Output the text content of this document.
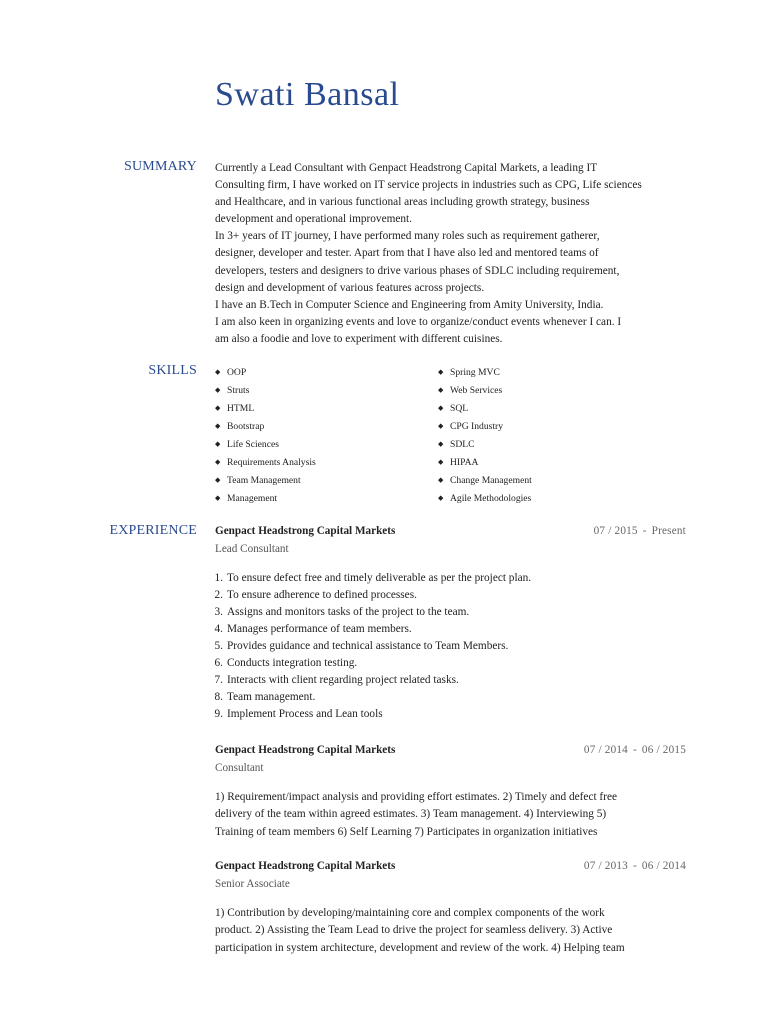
Swati Bansal
SUMMARY Currently a Lead Consultant with Genpact Headstrong Capital Markets, a leading IT

Consulting firm, I have worked on IT service projects in industries such as CPG, Life sciences

and Healthcare, and in various functional areas including growth strategy, business

development and operational improvement.

In 3+ years of IT journey, I have performed many roles such as requirement gatherer,

designer, developer and tester. Apart from that I have also led and mentored teams of

developers, testers and designers to drive various phases of SDLC including requirement,

design and development of various features across projects.

I have an B.Tech in Computer Science and Engineering from Amity University, India.

I am also keen in organizing events and love to organize/conduct events whenever I can. I

am also a foodie and love to experiment with different cuisines.

SKILLS	◆ OOP	◆ Spring MVC
◆ Struts	◆ Web Services
◆ HTML	◆ SQL
◆ Bootstrap	◆ CPG Industry
◆ Life Sciences	◆ SDLC
◆ Requirements Analysis	◆ HIPAA
◆ Team Management	◆ Change Management
◆ Management	◆ Agile Methodologies
EXPERIENCE Genpact Headstrong Capital Markets	07 / 2015 - Present
Lead Consultant
1. To ensure defect free and timely deliverable as per the project plan.
2. To ensure adherence to defined processes.
3. Assigns and monitors tasks of the project to the team.
4. Manages performance of team members.
5. Provides guidance and technical assistance to Team Members.
6. Conducts integration testing.
7. Interacts with client regarding project related tasks.
8. Team management.
9. Implement Process and Lean tools
Genpact Headstrong Capital Markets	07 / 2014 - 06 / 2015
Consultant
1) Requirement/impact analysis and providing effort estimates. 2) Timely and defect free
delivery of the team within agreed estimates. 3) Team management. 4) Interviewing 5)
Training of team members 6) Self Learning 7) Participates in organization initiatives
Genpact Headstrong Capital Markets	07 / 2013 - 06 / 2014
Senior Associate
1) Contribution by developing/maintaining core and complex components of the work
product. 2) Assisting the Team Lead to drive the project for seamless delivery. 3) Active
participation in system architecture, development and review of the work. 4) Helping team
